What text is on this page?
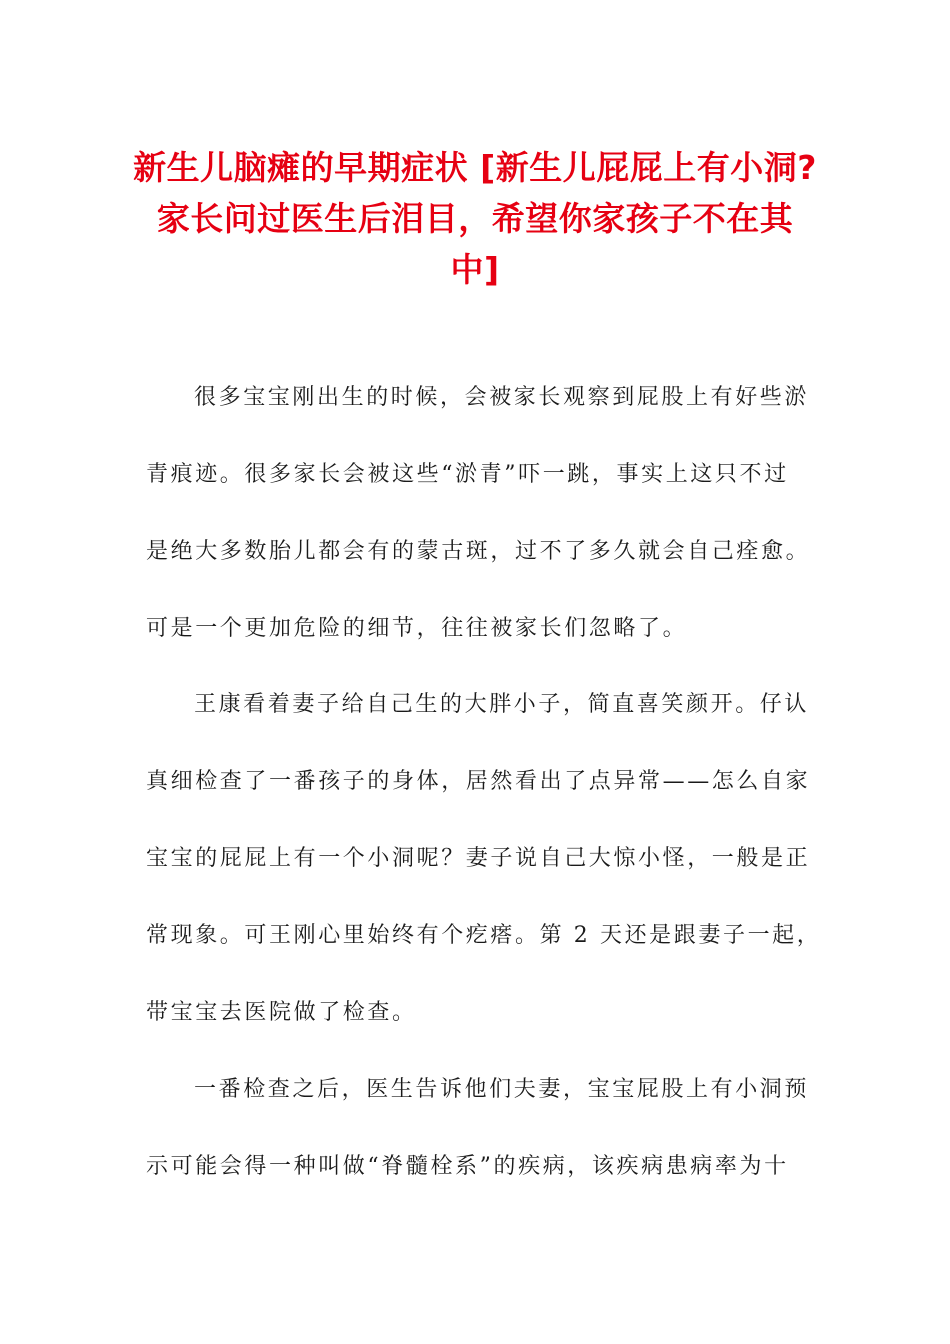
新生儿脑瘫的早期症状 [新生儿屁屁上有小洞?
家长问过医生后泪目，希望你家孩子不在其
中]
很多宝宝刚出生的时候，会被家长观察到屁股上有好些淤
青痕迹。很多家长会被这些“淤青”吓一跳，事实上这只不过
是绝大多数胎儿都会有的蒙古斑，过不了多久就会自己痊愈。
可是一个更加危险的细节，往往被家长们忽略了。
王康看着妻子给自己生的大胖小子，简直喜笑颜开。仔认
真细检查了一番孩子的身体，居然看出了点异常——怎么自家
宝宝的屁屁上有一个小洞呢？妻子说自己大惊小怪，一般是正
常现象。可王刚心里始终有个疙瘩。第 2 天还是跟妻子一起，
带宝宝去医院做了检查。
一番检查之后，医生告诉他们夫妻，宝宝屁股上有小洞预
示可能会得一种叫做“脊髓栓系”的疾病，该疾病患病率为十
